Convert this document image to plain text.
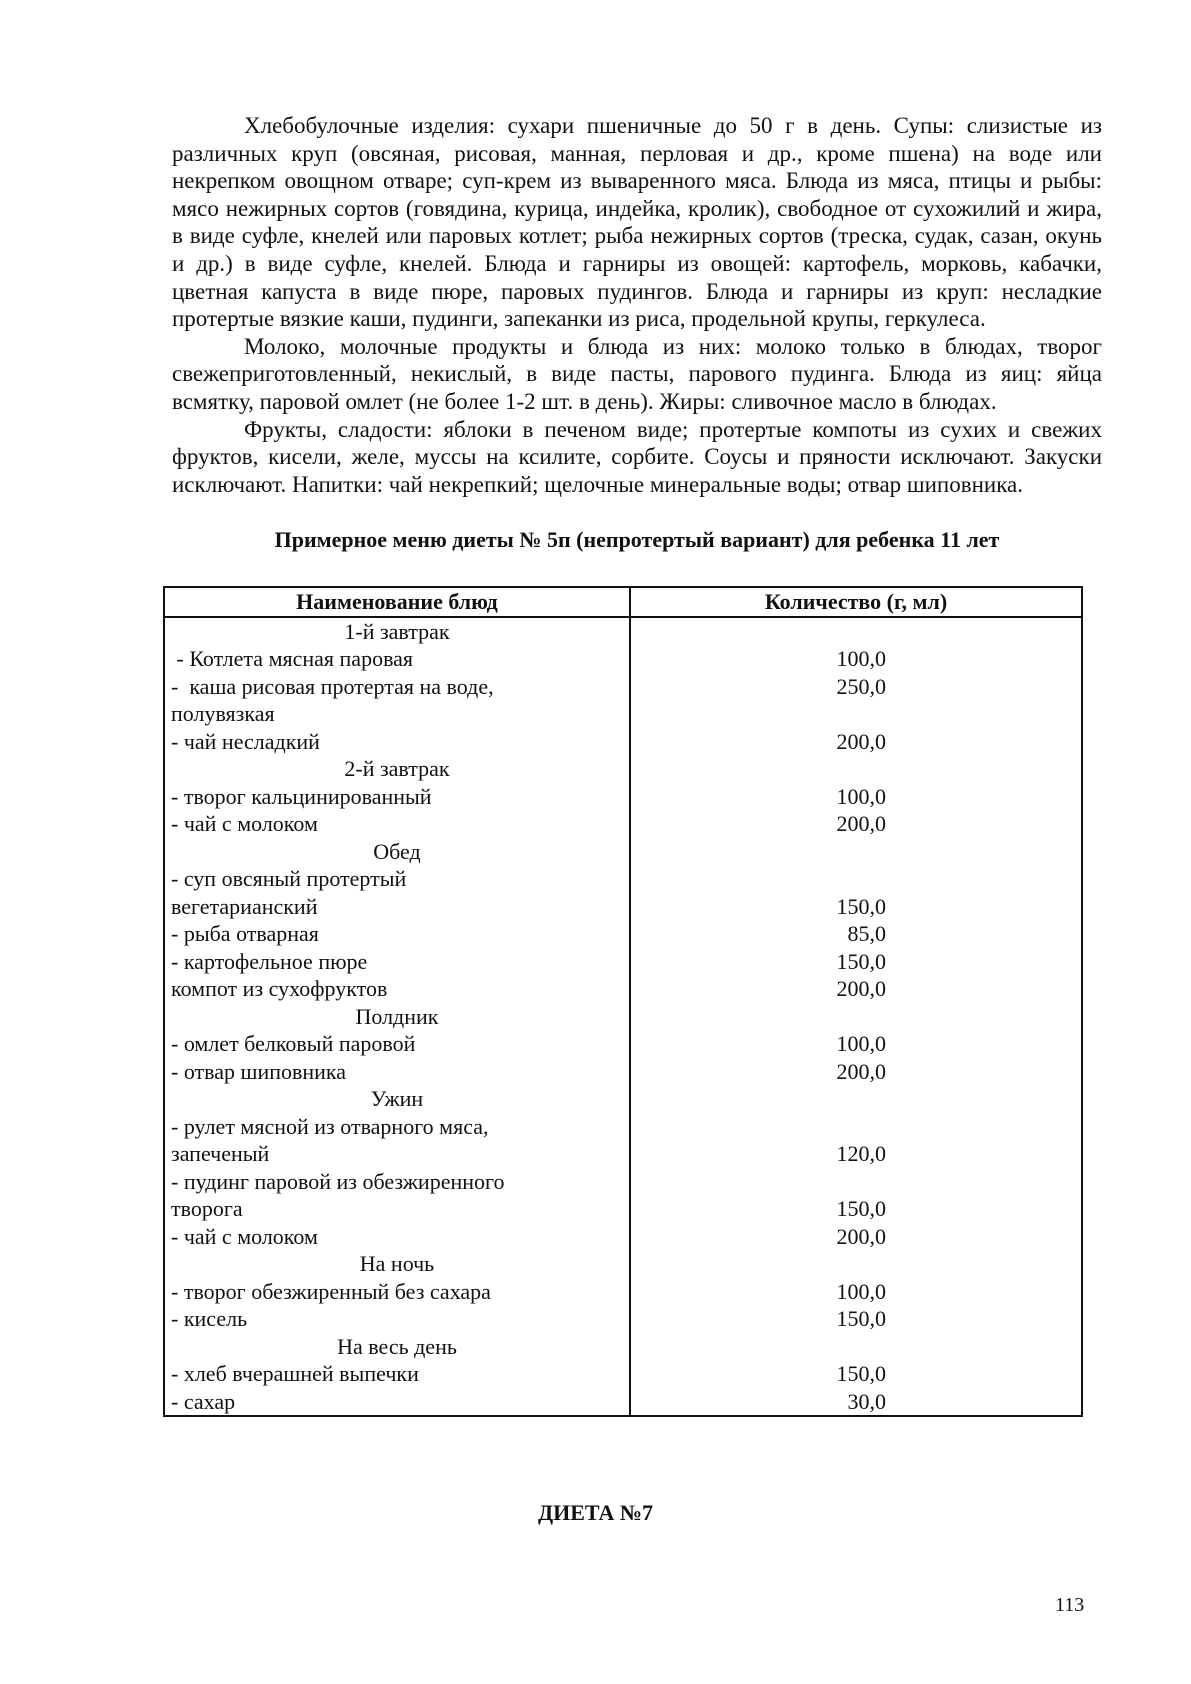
Хлебобулочные изделия: сухари пшеничные до 50 г в день. Супы: слизистые из различных круп (овсяная, рисовая, манная, перловая и др., кроме пшена) на воде или некрепком овощном отваре; суп-крем из вываренного мяса. Блюда из мяса, птицы и рыбы: мясо нежирных сортов (говядина, курица, индейка, кролик), свободное от сухожилий и жира, в виде суфле, кнелей или паровых котлет; рыба нежирных сортов (треска, судак, сазан, окунь и др.) в виде суфле, кнелей. Блюда и гарниры из овощей: картофель, морковь, кабачки, цветная капуста в виде пюре, паровых пудингов. Блюда и гарниры из круп: несладкие протертые вязкие каши, пудинги, запеканки из риса, продельной крупы, геркулеса.

Молоко, молочные продукты и блюда из них: молоко только в блюдах, творог свежеприготовленный, некислый, в виде пасты, парового пудинга. Блюда из яиц: яйца всмятку, паровой омлет (не более 1-2 шт. в день). Жиры: сливочное масло в блюдах.

Фрукты, сладости: яблоки в печеном виде; протертые компоты из сухих и свежих фруктов, кисели, желе, муссы на ксилите, сорбите. Соусы и пряности исключают. Закуски исключают. Напитки: чай некрепкий; щелочные минеральные воды; отвар шиповника.

Примерное меню диеты № 5п (непротертый вариант) для ребенка 11 лет
Наименование блюд	Количество (г, мл)
1-й завтрак	
- Котлета мясная паровая	100,0
-  каша рисовая протертая на воде,	250,0
полувязкая	
- чай несладкий	200,0
2-й завтрак	
- творог кальцинированный	100,0
- чай с молоком	200,0
Обед	
- суп овсяный протертый	
вегетарианский	150,0
- рыба отварная	85,0
- картофельное пюре	150,0
компот из сухофруктов	200,0
Полдник	
- омлет белковый паровой	100,0
- отвар шиповника	200,0
Ужин	
- рулет мясной из отварного мяса,	
запеченый	120,0
- пудинг паровой из обезжиренного	
творога	150,0
- чай с молоком	200,0
На ночь	
- творог обезжиренный без сахара	100,0
- кисель	150,0
На весь день	
- хлеб вчерашней выпечки	150,0
- сахар	30,0
ДИЕТА №7
113
